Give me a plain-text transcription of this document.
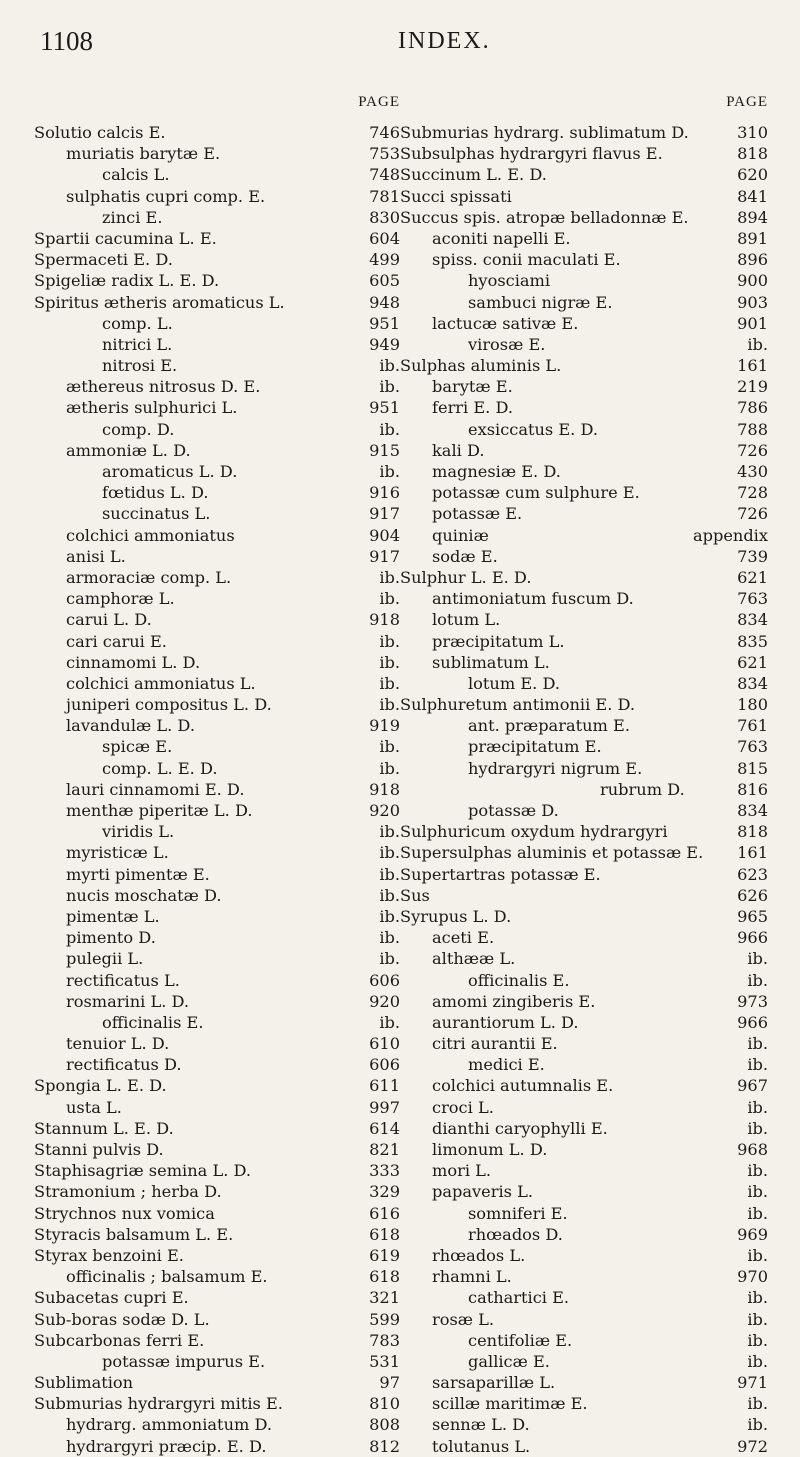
1108	INDEX.
PAGE
Solutio calcis E.	746
muriatis barytæ E.	753
calcis L.	748
sulphatis cupri comp. E.	781
zinci E.	830
Spartii cacumina L. E.	604
Spermaceti E. D.	499
Spigeliæ radix L. E. D.	605
Spiritus ætheris aromaticus L.	948
comp. L.	951
nitrici L.	949
nitrosi E.	ib.
æthereus nitrosus D. E.	ib.
ætheris sulphurici L.	951
comp. D.	ib.
ammoniæ L. D.	915
aromaticus L. D.	ib.
fœtidus L. D.	916
succinatus L.	917
colchici ammoniatus	904
anisi L.	917
armoraciæ comp. L.	ib.
camphoræ L.	ib.
carui L. D.	918
cari carui E.	ib.
cinnamomi L. D.	ib.
colchici ammoniatus L.	ib.
juniperi compositus L. D.	ib.
lavandulæ L. D.	919
spicæ E.	ib.
comp. L. E. D.	ib.
lauri cinnamomi E. D.	918
menthæ piperitæ L. D.	920
viridis L.	ib.
myristicæ L.	ib.
myrti pimentæ E.	ib.
nucis moschatæ D.	ib.
pimentæ L.	ib.
pimento D.	ib.
pulegii L.	ib.
rectificatus L.	606
rosmarini L. D.	920
officinalis E.	ib.
tenuior L. D.	610
rectificatus D.	606
Spongia L. E. D.	611
usta L.	997
Stannum L. E. D.	614
Stanni pulvis D.	821
Staphisagriæ semina L. D.	333
Stramonium ; herba D.	329
Strychnos nux vomica	616
Styracis balsamum L. E.	618
Styrax benzoini E.	619
officinalis ; balsamum E.	618
Subacetas cupri E.	321
Sub-boras sodæ D. L.	599
Subcarbonas ferri E.	783
potassæ impurus E.	531
Sublimation	97
Submurias hydrargyri mitis E.	810
hydrarg. ammoniatum D.	808
hydrargyri præcip. E. D.	812
PAGE
Submurias hydrarg. sublimatum D.	310
Subsulphas hydrargyri flavus E.	818
Succinum L. E. D.	620
Succi spissati	841
Succus spis. atropæ belladonnæ E.	894
aconiti napelli E.	891
spiss. conii maculati E.	896
hyosciami	900
sambuci nigræ E.	903
lactucæ sativæ E.	901
virosæ E.	ib.
Sulphas aluminis L.	161
barytæ E.	219
ferri E. D.	786
exsiccatus E. D.	788
kali D.	726
magnesiæ E. D.	430
potassæ cum sulphure E.	728
potassæ E.	726
quiniæ	appendix
sodæ E.	739
Sulphur L. E. D.	621
antimoniatum fuscum D.	763
lotum L.	834
præcipitatum L.	835
sublimatum L.	621
lotum E. D.	834
Sulphuretum antimonii E. D.	180
ant. præparatum E.	761
præcipitatum E.	763
hydrargyri nigrum E.	815
rubrum D.	816
potassæ D.	834
Sulphuricum oxydum hydrargyri	818
Supersulphas aluminis et potassæ E. 161
Supertartras potassæ E.	623
Sus	626
Syrupus L. D.	965
aceti E.	966
althææ L.	ib.
officinalis E.	ib.
amomi zingiberis E.	973
aurantiorum L. D.	966
citri aurantii E.	ib.
medici E.	ib.
colchici autumnalis E.	967
croci L.	ib.
dianthi caryophylli E.	ib.
limonum L. D.	968
mori L.	ib.
papaveris L.	ib.
somniferi E.	ib.
rhœados D.	969
rhœados L.	ib.
rhamni L.	970
cathartici E.	ib.
rosæ L.	ib.
centifoliæ E.	ib.
gallicæ E.	ib.
sarsaparillæ L.	971
scillæ maritimæ E.	ib.
sennæ L. D.	ib.
tolutanus L.	972
